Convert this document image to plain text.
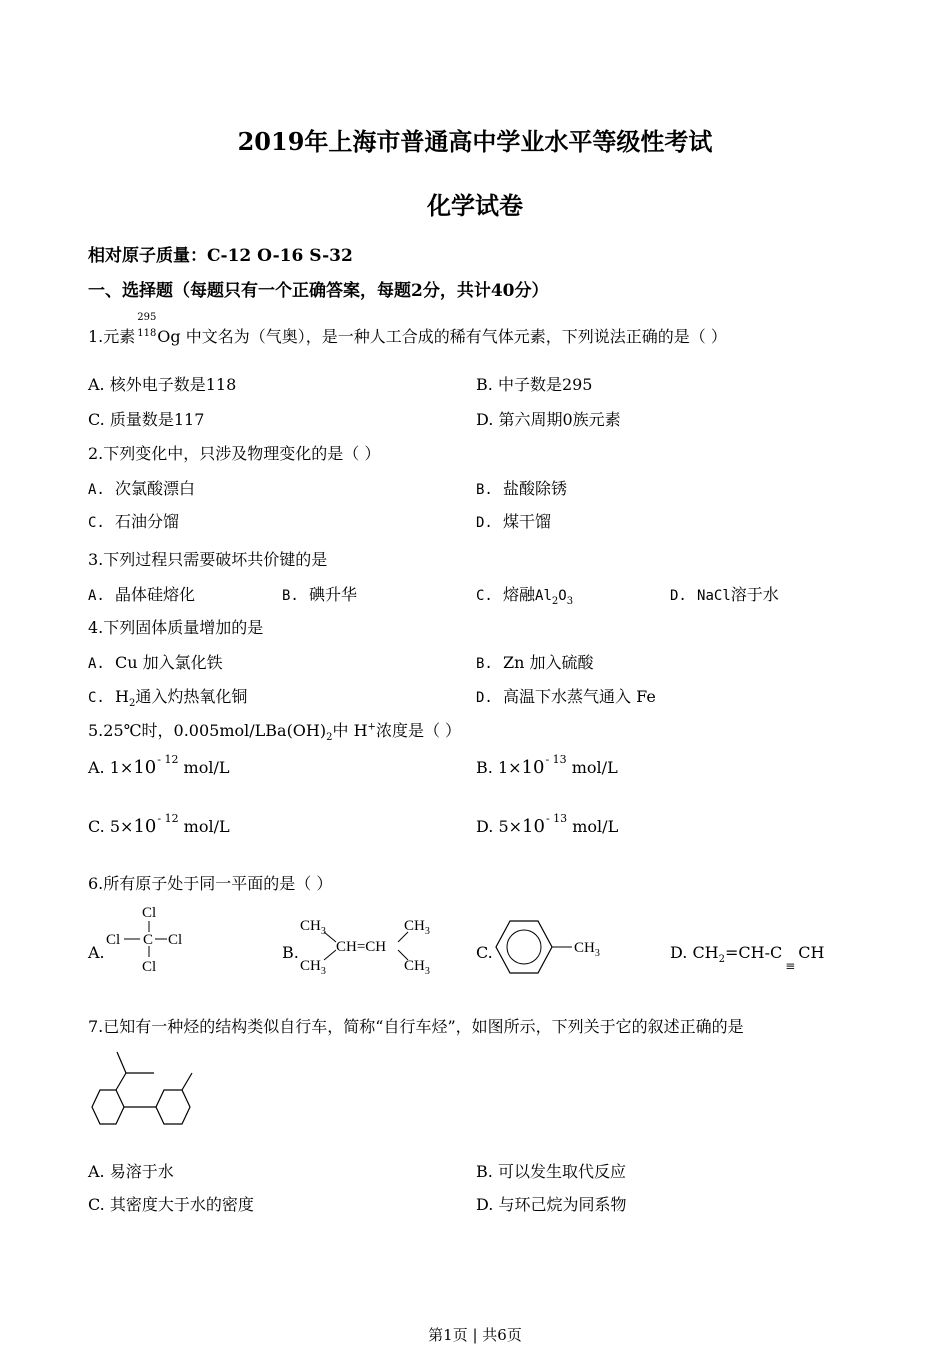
2019年上海市普通高中学业水平等级性考试
化学试卷
相对原子质量：C-12 O-16 S-32
一、选择题（每题只有一个正确答案，每题2分，共计40分）
1.元素
295
118 Og 中文名为（气奥），是一种人工合成的稀有气体元素，下列说法正确的是（ ）
A. 核外电子数是118	B. 中子数是295
C. 质量数是117	D. 第六周期0族元素
2.下列变化中，只涉及物理变化的是（ ）
A. 次氯酸漂白	B. 盐酸除锈
C. 石油分馏	D. 煤干馏
3.下列过程只需要破坏共价键的是
A. 晶体硅熔化	B. 碘升华	C. 熔融$Al_2O_3$	D. NaCl溶于水
4.下列固体质量增加的是
A. Cu 加入氯化铁	B. Zn 加入硫酸
C. $H_2$通入灼热氧化铜	D. 高温下水蒸气通入 Fe
5.25℃时，$0.005mol/LBa(OH)_2$中 H+浓度是（ ）
A. $1\times 10^{- 12}$ mol/L	B. $1\times 10^{- 13}$ mol/L
C. $5\times 10^{- 12}$ mol/L	D. $5\times 10^{- 13}$ mol/L
6.所有原子处于同一平面的是（ ）
A.
Cl
Cl C Cl
Cl
B.
$CH_3$
$CH_3$
CH=CH
$CH_3$
$CH_3$
C.	$CH_3$	D. $CH_2=CH-C\equiv CH$
7.已知有一种烃的结构类似自行车，简称“自行车烃”，如图所示，下列关于它的叙述正确的是
A. 易溶于水	B. 可以发生取代反应
C. 其密度大于水的密度	D. 与环己烷为同系物
第1页 | 共6页
